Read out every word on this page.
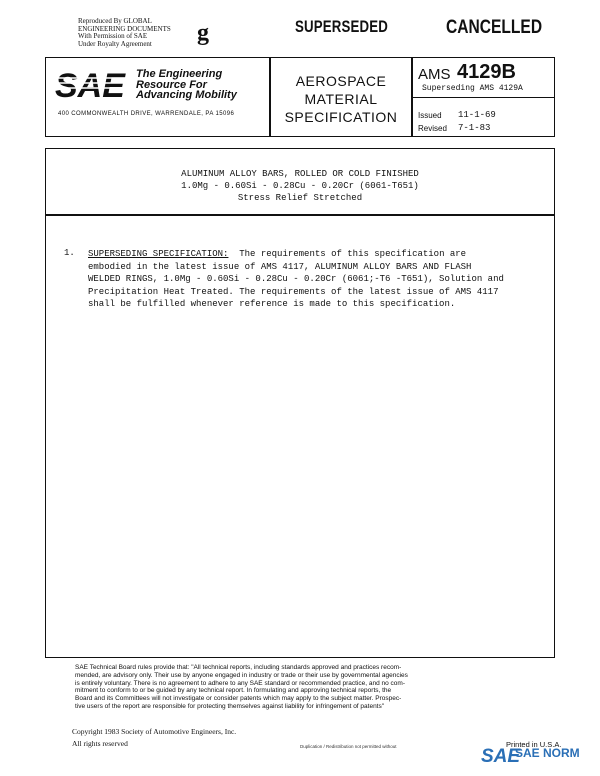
Reproduced By GLOBAL
ENGINEERING DOCUMENTS
With Permission of SAE
Under Royalty Agreement	g	SUPERSEDED	CANCELLED
SAE The Engineering
Resource For
Advancing Mobility
400 COMMONWEALTH DRIVE, WARRENDALE, PA 15096
AEROSPACE
MATERIAL
SPECIFICATION
AMS 4129B
Superseding AMS 4129A
Issued 11-1-69
Revised 7-1-83
ALUMINUM ALLOY BARS, ROLLED OR COLD FINISHED
1.0Mg - 0.60Si - 0.28Cu - 0.20Cr (6061-T651)
Stress Relief Stretched
1. SUPERSEDING SPECIFICATION: The requirements of this specification are
embodied in the latest issue of AMS 4117, ALUMINUM ALLOY BARS AND FLASH
WELDED RINGS, 1.0Mg - 0.60Si - 0.28Cu - 0.20Cr (6061;-T6 -T651), Solution and
Precipitation Heat Treated. The requirements of the latest issue of AMS 4117
shall be fulfilled whenever reference is made to this specification.
SAE Technical Board rules provide that: "All technical reports, including standards approved and practices recom-
mended, are advisory only. Their use by anyone engaged in industry or trade or their use by governmental agencies
is entirely voluntary. There is no agreement to adhere to any SAE standard or recommended practice, and no com-
mitment to conform to or be guided by any technical report. In formulating and approving technical reports, the
Board and its Committees will not investigate or consider patents which may apply to the subject matter. Prospec-
tive users of the report are responsible for protecting themselves against liability for infringement of patents"
Copyright 1983 Society of Automotive Engineers, Inc.
All rights reserved	Duplication / Redistribution not permitted without	Printed in U.S.A.
SAE
SAE NORM
